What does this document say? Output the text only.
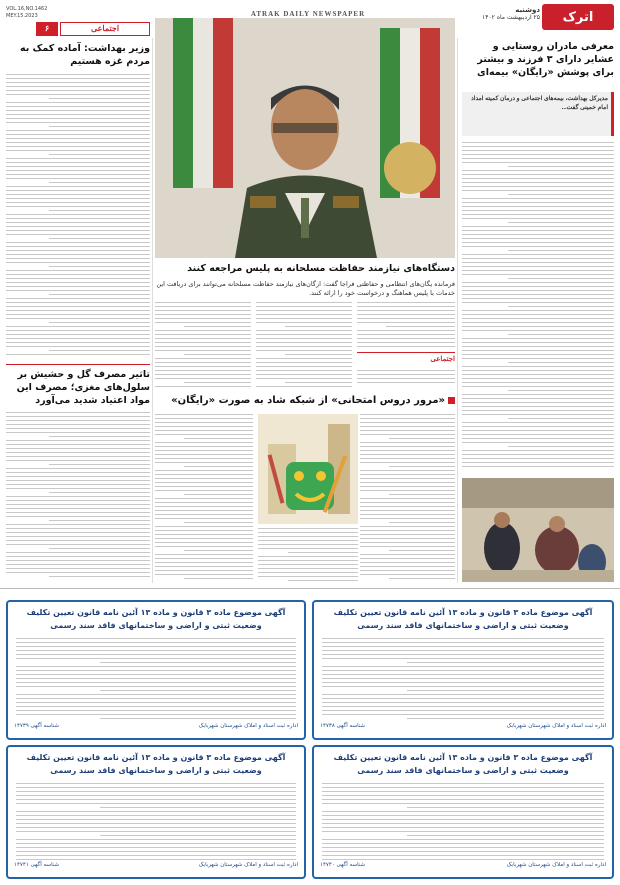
اترک
دوشنبه
۲۵ اردیبهشت ماه ۱۴۰۲
ATRAK DAILY NEWSPAPER
VOL.16,NO.1462
MEY.15.2023
۶	اجتماعی
وزیر بهداشت: آماده کمک به مردم غزه هستیم
تاثیر مصرف گل و حشیش بر سلول‌های مغزی؛ مصرف این مواد اعتیاد شدید می‌آورد
دستگاه‌های نیازمند حفاظت مسلحانه به پلیس مراجعه کنند
فرمانده یگان‌های انتظامی و حفاظتی فراجا گفت: ارگان‌های نیازمند حفاظت مسلحانه می‌توانند برای دریافت این خدمات با پلیس هماهنگ و درخواست خود را ارائه کنند.
اجتماعی
«مرور دروس امتحانی» از شبکه شاد به صورت «رایگان»
معرفی مادران روستایی و عشایر دارای ۳ فرزند و بیشتر برای پوشش «رایگان» بیمه‌ای
مدیرکل بهداشت، بیمه‌های اجتماعی و درمان کمیته امداد امام خمینی گفت...
آگهی موضوع ماده ۳ قانون و ماده ۱۳ آئین نامه قانون تعیین تکلیف وضعیت ثبتی و اراضی و ساختمانهای فاقد سند رسمی
شناسه آگهی ۱۴۷۳۸	اداره ثبت اسناد و املاک شهرستان شهربابک
آگهی موضوع ماده ۳ قانون و ماده ۱۳ آئین نامه قانون تعیین تکلیف وضعیت ثبتی و اراضی و ساختمانهای فاقد سند رسمی
شناسه آگهی ۱۴۷۳۹	اداره ثبت اسناد و املاک شهرستان شهربابک
آگهی موضوع ماده ۳ قانون و ماده ۱۳ آئین نامه قانون تعیین تکلیف وضعیت ثبتی و اراضی و ساختمانهای فاقد سند رسمی
شناسه آگهی ۱۴۷۴۰	اداره ثبت اسناد و املاک شهرستان شهربابک
آگهی موضوع ماده ۳ قانون و ماده ۱۳ آئین نامه قانون تعیین تکلیف وضعیت ثبتی و اراضی و ساختمانهای فاقد سند رسمی
شناسه آگهی ۱۴۷۴۱	اداره ثبت اسناد و املاک شهرستان شهربابک
